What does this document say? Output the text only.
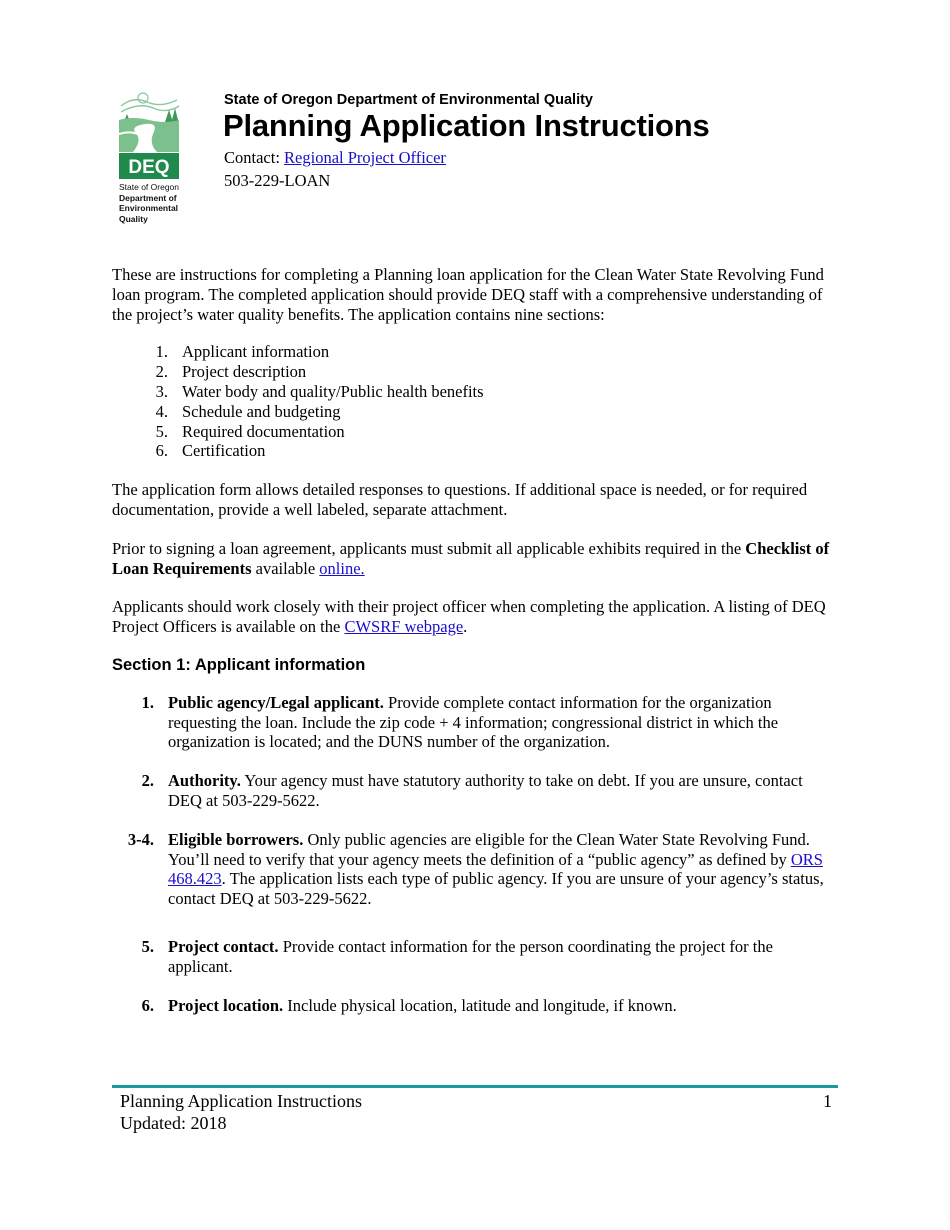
DEQ
State of Oregon
Department of
Environmental
Quality
State of Oregon Department of Environmental Quality
Planning Application Instructions
Contact: Regional Project Officer
503-229-LOAN

These are instructions for completing a Planning loan application for the Clean Water State Revolving Fund loan program. The completed application should provide DEQ staff with a comprehensive understanding of the project’s water quality benefits. The application contains nine sections:

1. Applicant information
2. Project description
3. Water body and quality/Public health benefits
4. Schedule and budgeting
5. Required documentation
6. Certification

The application form allows detailed responses to questions. If additional space is needed, or for required documentation, provide a well labeled, separate attachment.

Prior to signing a loan agreement, applicants must submit all applicable exhibits required in the Checklist of Loan Requirements available online.

Applicants should work closely with their project officer when completing the application. A listing of DEQ Project Officers is available on the CWSRF webpage.

Section 1: Applicant information
1. Public agency/Legal applicant. Provide complete contact information for the organization requesting the loan. Include the zip code + 4 information; congressional district in which the organization is located; and the DUNS number of the organization.
2. Authority. Your agency must have statutory authority to take on debt. If you are unsure, contact DEQ at 503-229-5622.
3-4. Eligible borrowers. Only public agencies are eligible for the Clean Water State Revolving Fund. You’ll need to verify that your agency meets the definition of a “public agency” as defined by ORS 468.423. The application lists each type of public agency. If you are unsure of your agency’s status, contact DEQ at 503-229-5622.
5. Project contact. Provide contact information for the person coordinating the project for the applicant.
6. Project location. Include physical location, latitude and longitude, if known.
Planning Application Instructions
Updated: 2018
1
